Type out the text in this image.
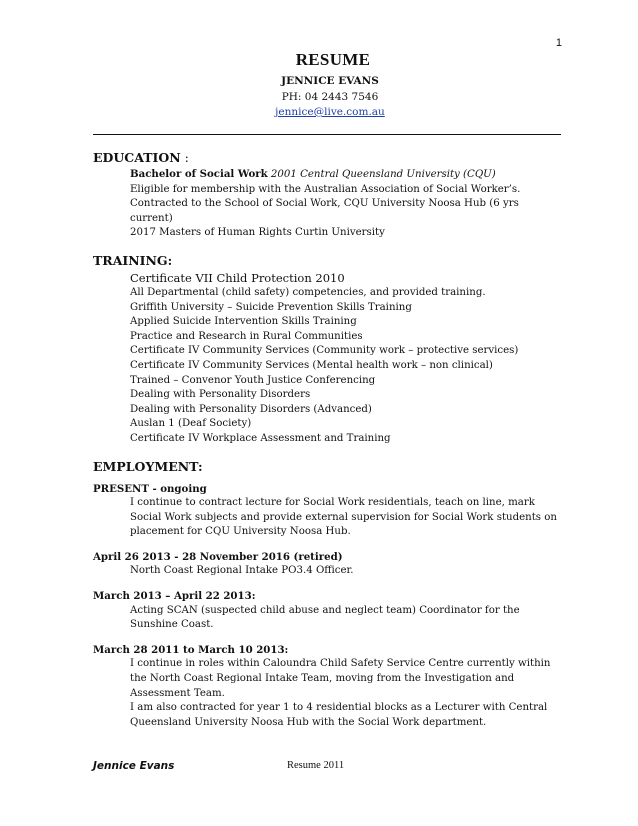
1
RESUME
JENNICE EVANS
PH: 04 2443 7546
jennice@live.com.au
EDUCATION :
Bachelor of Social Work 2001 Central Queensland University (CQU)
Eligible for membership with the Australian Association of Social Worker’s.
Contracted to the School of Social Work, CQU University Noosa Hub (6 yrs current)
2017 Masters of Human Rights Curtin University
TRAINING:
Certificate VII Child Protection 2010
All Departmental (child safety) competencies, and provided training.
Griffith University – Suicide Prevention Skills Training
Applied Suicide Intervention Skills Training
Practice and Research in Rural Communities
Certificate IV Community Services (Community work – protective services)
Certificate IV Community Services (Mental health work – non clinical)
Trained – Convenor Youth Justice Conferencing
Dealing with Personality Disorders
Dealing with Personality Disorders (Advanced)
Auslan 1 (Deaf Society)
Certificate IV Workplace Assessment and Training
EMPLOYMENT:
PRESENT - ongoing
I continue to contract lecture for Social Work residentials, teach on line, mark Social Work subjects and provide external supervision for Social Work students on placement for CQU University Noosa Hub.
April 26 2013 - 28 November 2016 (retired)
North Coast Regional Intake PO3.4 Officer.
March 2013 – April 22 2013:
Acting SCAN (suspected child abuse and neglect team) Coordinator for the Sunshine Coast.
March 28 2011 to March 10 2013:
I continue in roles within Caloundra Child Safety Service Centre currently within the North Coast Regional Intake Team, moving from the Investigation and Assessment Team.
I am also contracted for year 1 to 4 residential blocks as a Lecturer with Central Queensland University Noosa Hub with the Social Work department.
Jennice Evans	Resume 2011
